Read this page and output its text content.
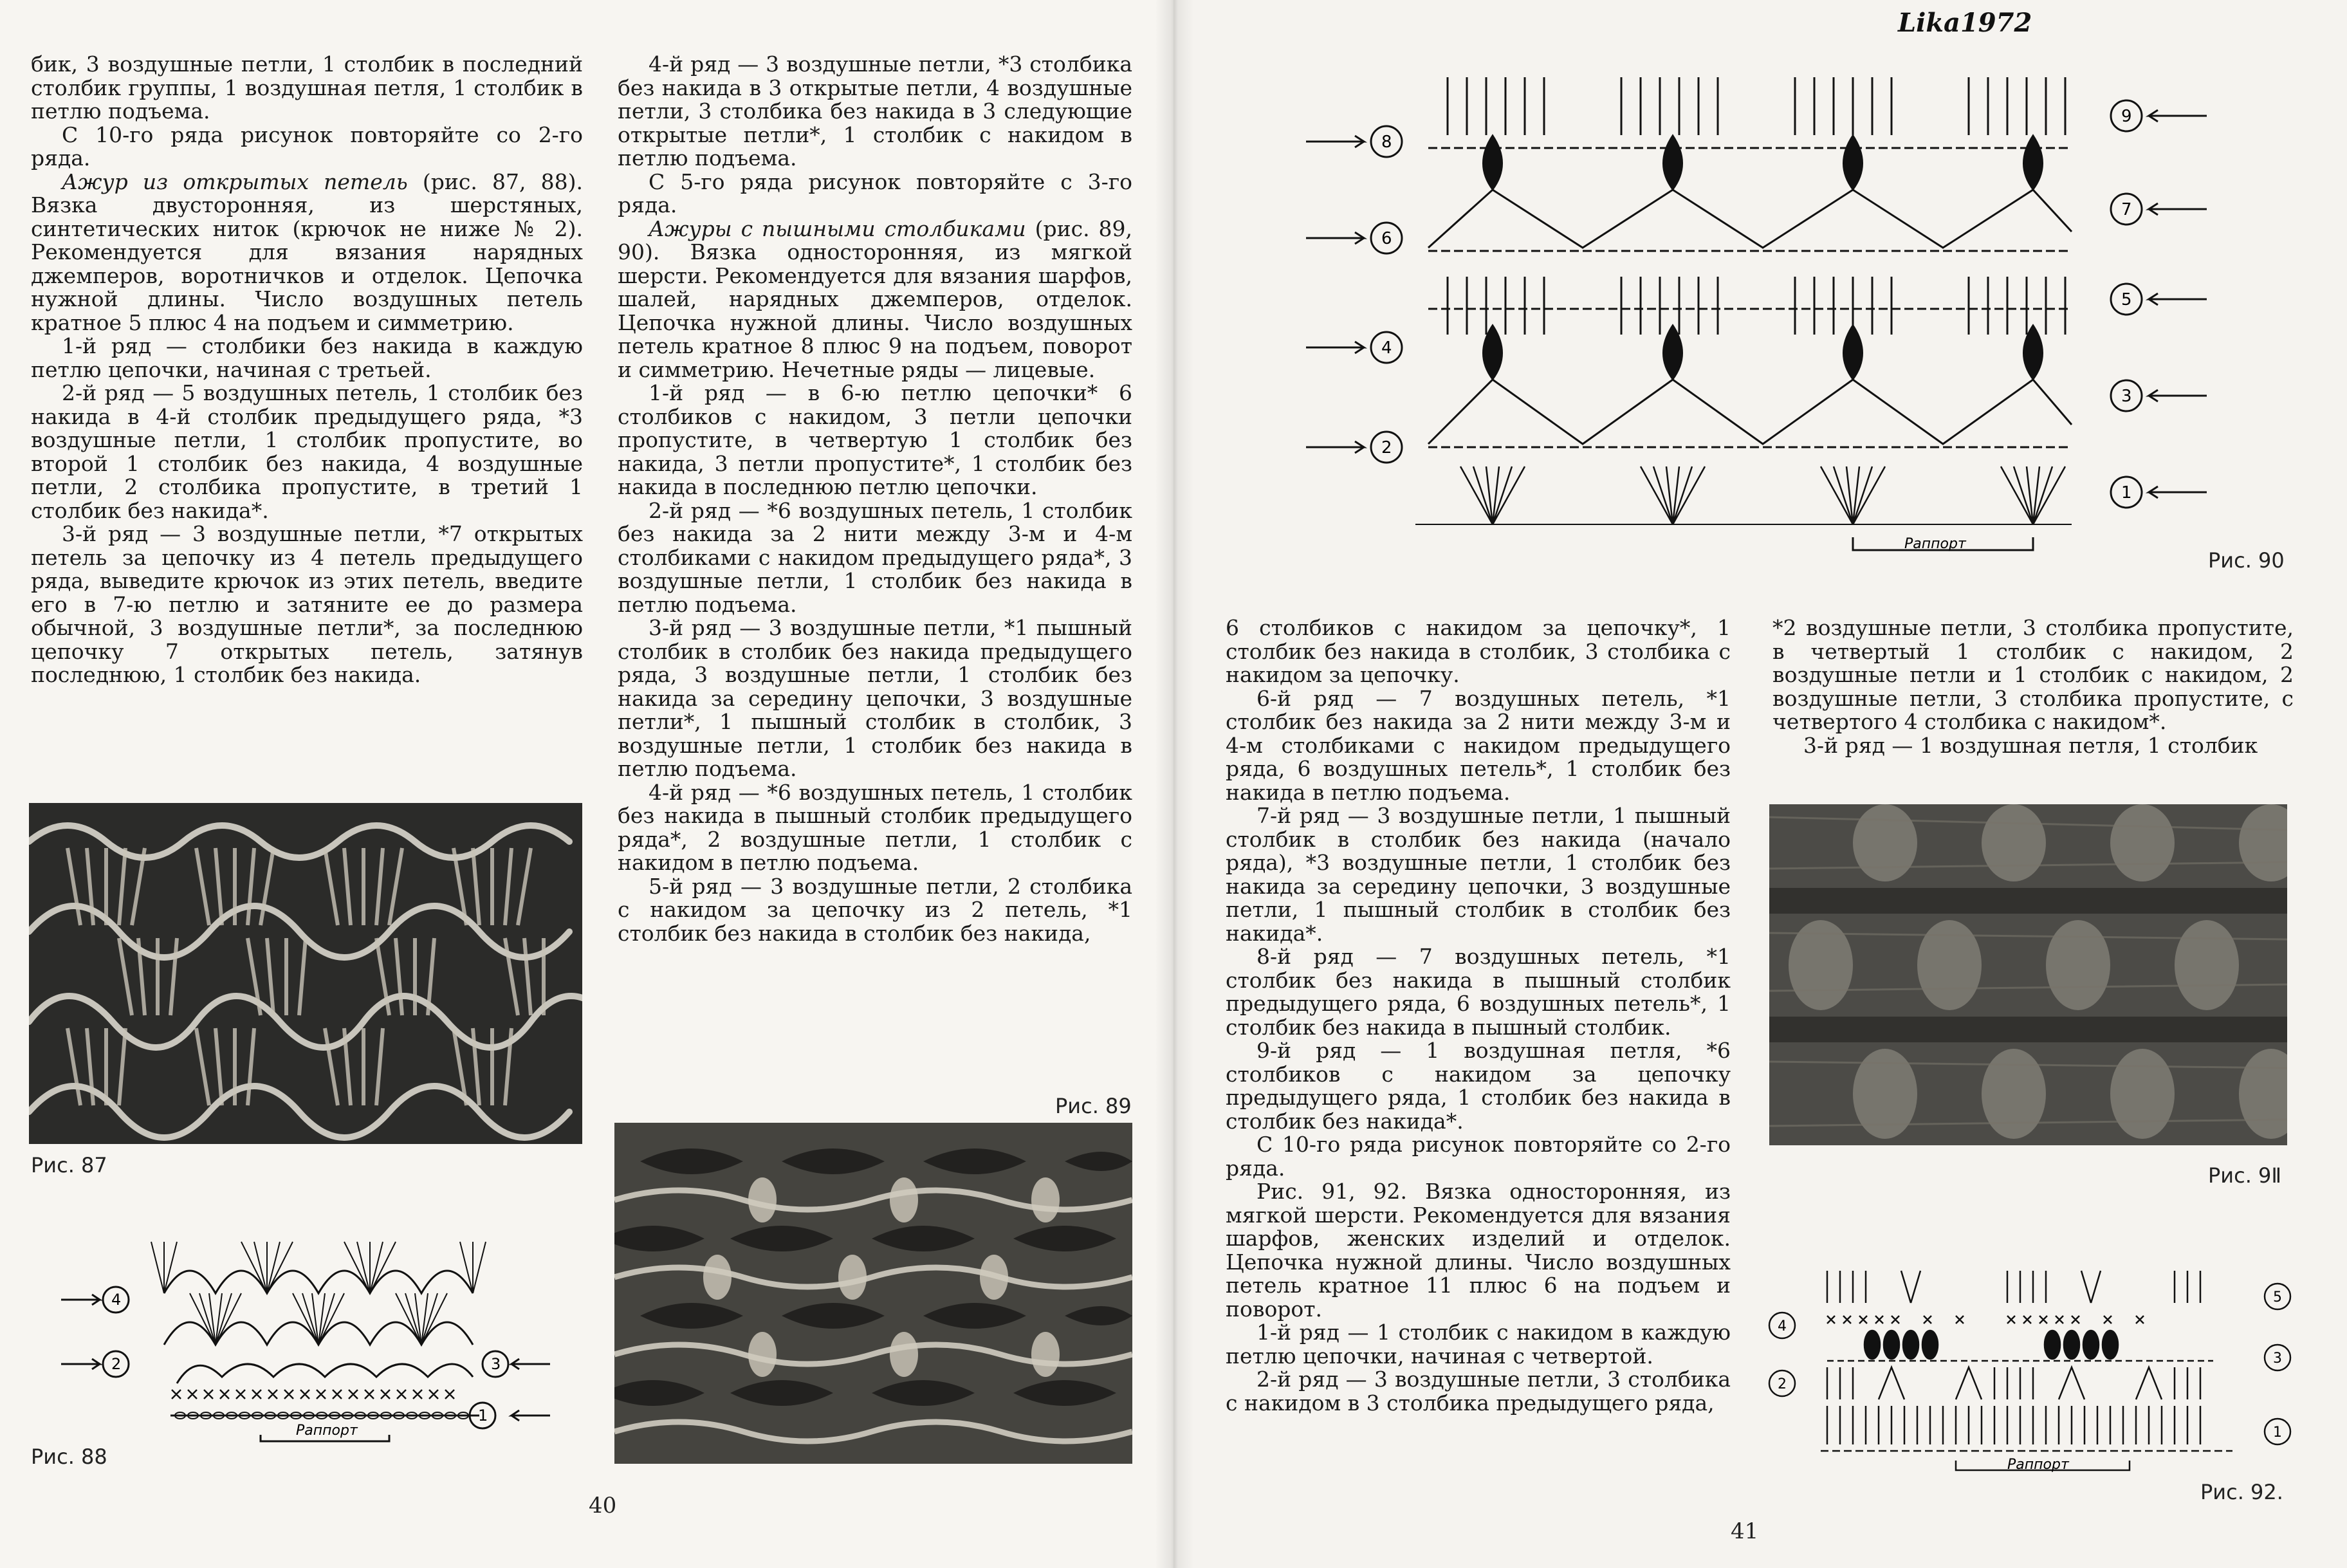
Lika1972

бик, 3 воздушные петли, 1 столбик в последний столбик группы, 1 воздушная петля, 1 столбик в петлю подъема.

С 10-го ряда рисунок повторяйте со 2-го ряда.

Ажур из открытых петель (рис. 87, 88). Вязка двусторонняя, из шерстяных, синтетических ниток (крючок не ниже № 2). Рекомендуется для вязания нарядных джемперов, воротничков и отделок. Цепочка нужной длины. Число воздушных петель кратное 5 плюс 4 на подъем и симметрию.

1-й ряд — столбики без накида в каждую петлю цепочки, начиная с третьей.

2-й ряд — 5 воздушных петель, 1 столбик без накида в 4-й столбик предыдущего ряда, *3 воздушные петли, 1 столбик пропустите, во второй 1 столбик без накида, 4 воздушные петли, 2 столбика пропустите, в третий 1 столбик без накида*.

3-й ряд — 3 воздушные петли, *7 открытых петель за цепочку из 4 петель предыдущего ряда, выведите крючок из этих петель, введите его в 7-ю петлю и затяните ее до размера обычной, 3 воздушные петли*, за последнюю цепочку 7 открытых петель, затянув последнюю, 1 столбик без накида.

4-й ряд — 3 воздушные петли, *3 столбика без накида в 3 открытые петли, 4 воздушные петли, 3 столбика без накида в 3 следующие открытые петли*, 1 столбик с накидом в петлю подъема.

С 5-го ряда рисунок повторяйте с 3-го ряда.

Ажуры с пышными столбиками (рис. 89, 90). Вязка односторонняя, из мягкой шерсти. Рекомендуется для вязания шарфов, шалей, нарядных джемперов, отделок. Цепочка нужной длины. Число воздушных петель кратное 8 плюс 9 на подъем, поворот и симметрию. Нечетные ряды — лицевые.

1-й ряд — в 6-ю петлю цепочки* 6 столбиков с накидом, 3 петли цепочки пропустите, в четвертую 1 столбик без накида, 3 петли пропустите*, 1 столбик без накида в последнюю петлю цепочки.

2-й ряд — *6 воздушных петель, 1 столбик без накида за 2 нити между 3-м и 4-м столбиками с накидом предыдущего ряда*, 3 воздушные петли, 1 столбик без накида в петлю подъема.

3-й ряд — 3 воздушные петли, *1 пышный столбик в столбик без накида предыдущего ряда, 3 воздушные петли, 1 столбик без накида за середину цепочки, 3 воздушные петли*, 1 пышный столбик в столбик, 3 воздушные петли, 1 столбик без накида в петлю подъема.

4-й ряд — *6 воздушных петель, 1 столбик без накида в пышный столбик предыдущего ряда*, 2 воздушные петли, 1 столбик с накидом в петлю подъема.

5-й ряд — 3 воздушные петли, 2 столбика с накидом за цепочку из 2 петель, *1 столбик без накида в столбик без накида,

Рис. 87
4
2	3
1
Раппорт
Рис. 88
Рис. 89
40
9
8
7
6
5
4
3
2
1
Раппорт
Рис. 90

6 столбиков с накидом за цепочку*, 1 столбик без накида в столбик, 3 столбика с накидом за цепочку.

6-й ряд — 7 воздушных петель, *1 столбик без накида за 2 нити между 3-м и 4-м столбиками с накидом предыдущего ряда, 6 воздушных петель*, 1 столбик без накида в петлю подъема.

7-й ряд — 3 воздушные петли, 1 пышный столбик в столбик без накида (начало ряда), *3 воздушные петли, 1 столбик без накида за середину цепочки, 3 воздушные петли, 1 пышный столбик в столбик без накида*.

8-й ряд — 7 воздушных петель, *1 столбик без накида в пышный столбик предыдущего ряда, 6 воздушных петель*, 1 столбик без накида в пышный столбик.

9-й ряд — 1 воздушная петля, *6 столбиков с накидом за цепочку предыдущего ряда, 1 столбик без накида в столбик без накида*.

С 10-го ряда рисунок повторяйте со 2-го ряда.

Рис. 91, 92. Вязка односторонняя, из мягкой шерсти. Рекомендуется для вязания шарфов, женских изделий и отделок. Цепочка нужной длины. Число воздушных петель кратное 11 плюс 6 на подъем и поворот.

1-й ряд — 1 столбик с накидом в каждую петлю цепочки, начиная с четвертой.

2-й ряд — 3 воздушные петли, 3 столбика с накидом в 3 столбика предыдущего ряда,

*2 воздушные петли, 3 столбика пропустите, в четвертый 1 столбик с накидом, 2 воздушные петли и 1 столбик с накидом, 2 воздушные петли, 3 столбика пропустите, с четвертого 4 столбика с накидом*.

3-й ряд — 1 воздушная петля, 1 столбик

Рис. 9Ⅱ
5
4
3
2
1
Раппорт
Рис. 92.
41
